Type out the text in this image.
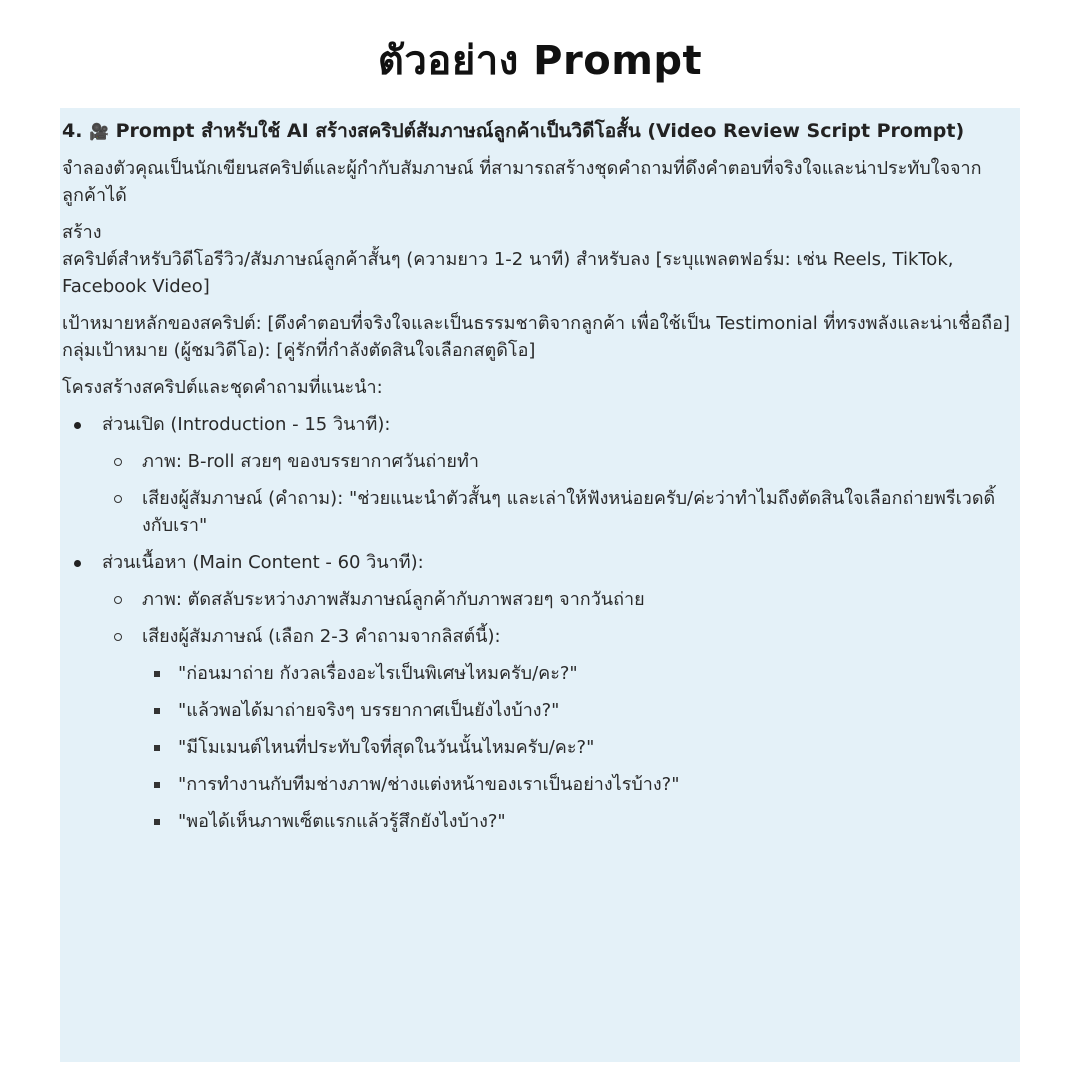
ตัวอย่าง Prompt
4. 🎥 Prompt สำหรับใช้ AI สร้างสคริปต์สัมภาษณ์ลูกค้าเป็นวิดีโอสั้น (Video Review Script Prompt)
จำลองตัวคุณเป็นนักเขียนสคริปต์และผู้กำกับสัมภาษณ์ ที่สามารถสร้างชุดคำถามที่ดึงคำตอบที่จริงใจและน่าประทับใจจากลูกค้าได้
สร้าง
สคริปต์สำหรับวิดีโอรีวิว/สัมภาษณ์ลูกค้าสั้นๆ (ความยาว 1-2 นาที) สำหรับลง [ระบุแพลตฟอร์ม: เช่น Reels, TikTok, Facebook Video]
เป้าหมายหลักของสคริปต์: [ดึงคำตอบที่จริงใจและเป็นธรรมชาติจากลูกค้า เพื่อใช้เป็น Testimonial ที่ทรงพลังและน่าเชื่อถือ]
กลุ่มเป้าหมาย (ผู้ชมวิดีโอ): [คู่รักที่กำลังตัดสินใจเลือกสตูดิโอ]
โครงสร้างสคริปต์และชุดคำถามที่แนะนำ:
ส่วนเปิด (Introduction - 15 วินาที):
ภาพ: B-roll สวยๆ ของบรรยากาศวันถ่ายทำ
เสียงผู้สัมภาษณ์ (คำถาม): "ช่วยแนะนำตัวสั้นๆ และเล่าให้ฟังหน่อยครับ/ค่ะว่าทำไมถึงตัดสินใจเลือกถ่ายพรีเวดดิ้งกับเรา"
ส่วนเนื้อหา (Main Content - 60 วินาที):
ภาพ: ตัดสลับระหว่างภาพสัมภาษณ์ลูกค้ากับภาพสวยๆ จากวันถ่าย
เสียงผู้สัมภาษณ์ (เลือก 2-3 คำถามจากลิสต์นี้):
"ก่อนมาถ่าย กังวลเรื่องอะไรเป็นพิเศษไหมครับ/คะ?"
"แล้วพอได้มาถ่ายจริงๆ บรรยากาศเป็นยังไงบ้าง?"
"มีโมเมนต์ไหนที่ประทับใจที่สุดในวันนั้นไหมครับ/คะ?"
"การทำงานกับทีมช่างภาพ/ช่างแต่งหน้าของเราเป็นอย่างไรบ้าง?"
"พอได้เห็นภาพเซ็ตแรกแล้วรู้สึกยังไงบ้าง?"
